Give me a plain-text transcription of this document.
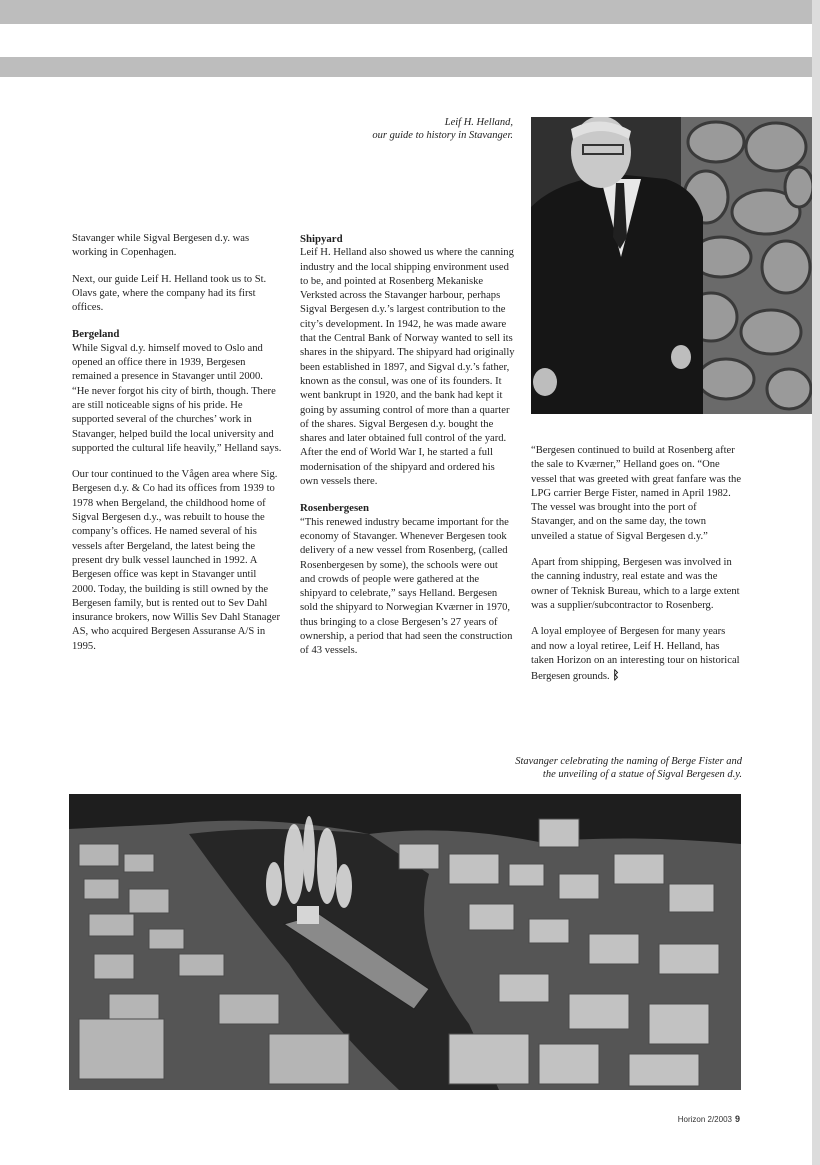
Leif H. Helland,
our guide to history in Stavanger.

Stavanger while Sigval Bergesen d.y. was working in Copenhagen.

Next, our guide Leif H. Helland took us to St. Olavs gate, where the company had its first offices.

Bergeland

While Sigval d.y. himself moved to Oslo and opened an office there in 1939, Bergesen remained a presence in Stavanger until 2000. “He never forgot his city of birth, though. There are still noticeable signs of his pride. He supported several of the churches’ work in Stavanger, helped build the local university and supported the cultural life heavily,” Helland says.

Our tour continued to the Vågen area where Sig. Bergesen d.y. & Co had its offices from 1939 to 1978 when Bergeland, the childhood home of Sigval Bergesen d.y., was rebuilt to house the company’s offices. He named several of his vessels after Bergeland, the latest being the present dry bulk vessel launched in 1992. A Bergesen office was kept in Stavanger until 2000. Today, the building is still owned by the Bergesen family, but is rented out to Sev Dahl insurance brokers, now Willis Sev Dahl Stanager AS, who acquired Bergesen Assuranse A/S in 1995.

Shipyard

Leif H. Helland also showed us where the canning industry and the local shipping environment used to be, and pointed at Rosenberg Mekaniske Verksted across the Stavanger harbour, perhaps Sigval Bergesen d.y.’s largest contribution to the city’s development. In 1942, he was made aware that the Central Bank of Norway wanted to sell its shares in the shipyard. The shipyard had originally been established in 1897, and Sigval d.y.’s father, known as the consul, was one of its founders. It went bankrupt in 1920, and the bank had kept it going by assuming control of more than a quarter of the shares. Sigval Bergesen d.y. bought the shares and later obtained full control of the yard. After the end of World War I, he started a full modernisation of the shipyard and ordered his own vessels there.

Rosenbergesen

“This renewed industry became important for the economy of Stavanger. Whenever Bergesen took delivery of a new vessel from Rosenberg, (called Rosenbergesen by some), the schools were out and crowds of people were gathered at the shipyard to celebrate,” says Helland. Bergesen sold the shipyard to Norwegian Kværner in 1970, thus bringing to a close Bergesen’s 27 years of ownership, a period that had seen the construction of 43 vessels.

“Bergesen continued to build at Rosenberg after the sale to Kværner,” Helland goes on. “One vessel that was greeted with great fanfare was the LPG carrier Berge Fister, named in April 1982. The vessel was brought into the port of Stavanger, and on the same day, the town unveiled a statue of Sigval Bergesen d.y.”

Apart from shipping, Bergesen was involved in the canning industry, real estate and was the owner of Teknisk Bureau, which to a large extent was a supplier/subcontractor to Rosenberg.

A loyal employee of Bergesen for many years and now a loyal retiree, Leif H. Helland, has taken Horizon on an interesting tour on historical Bergesen grounds. ᛒ

Stavanger celebrating the naming of Berge Fister and
the unveiling of a statue of Sigval Bergesen d.y.
Horizon 2/2003 9
